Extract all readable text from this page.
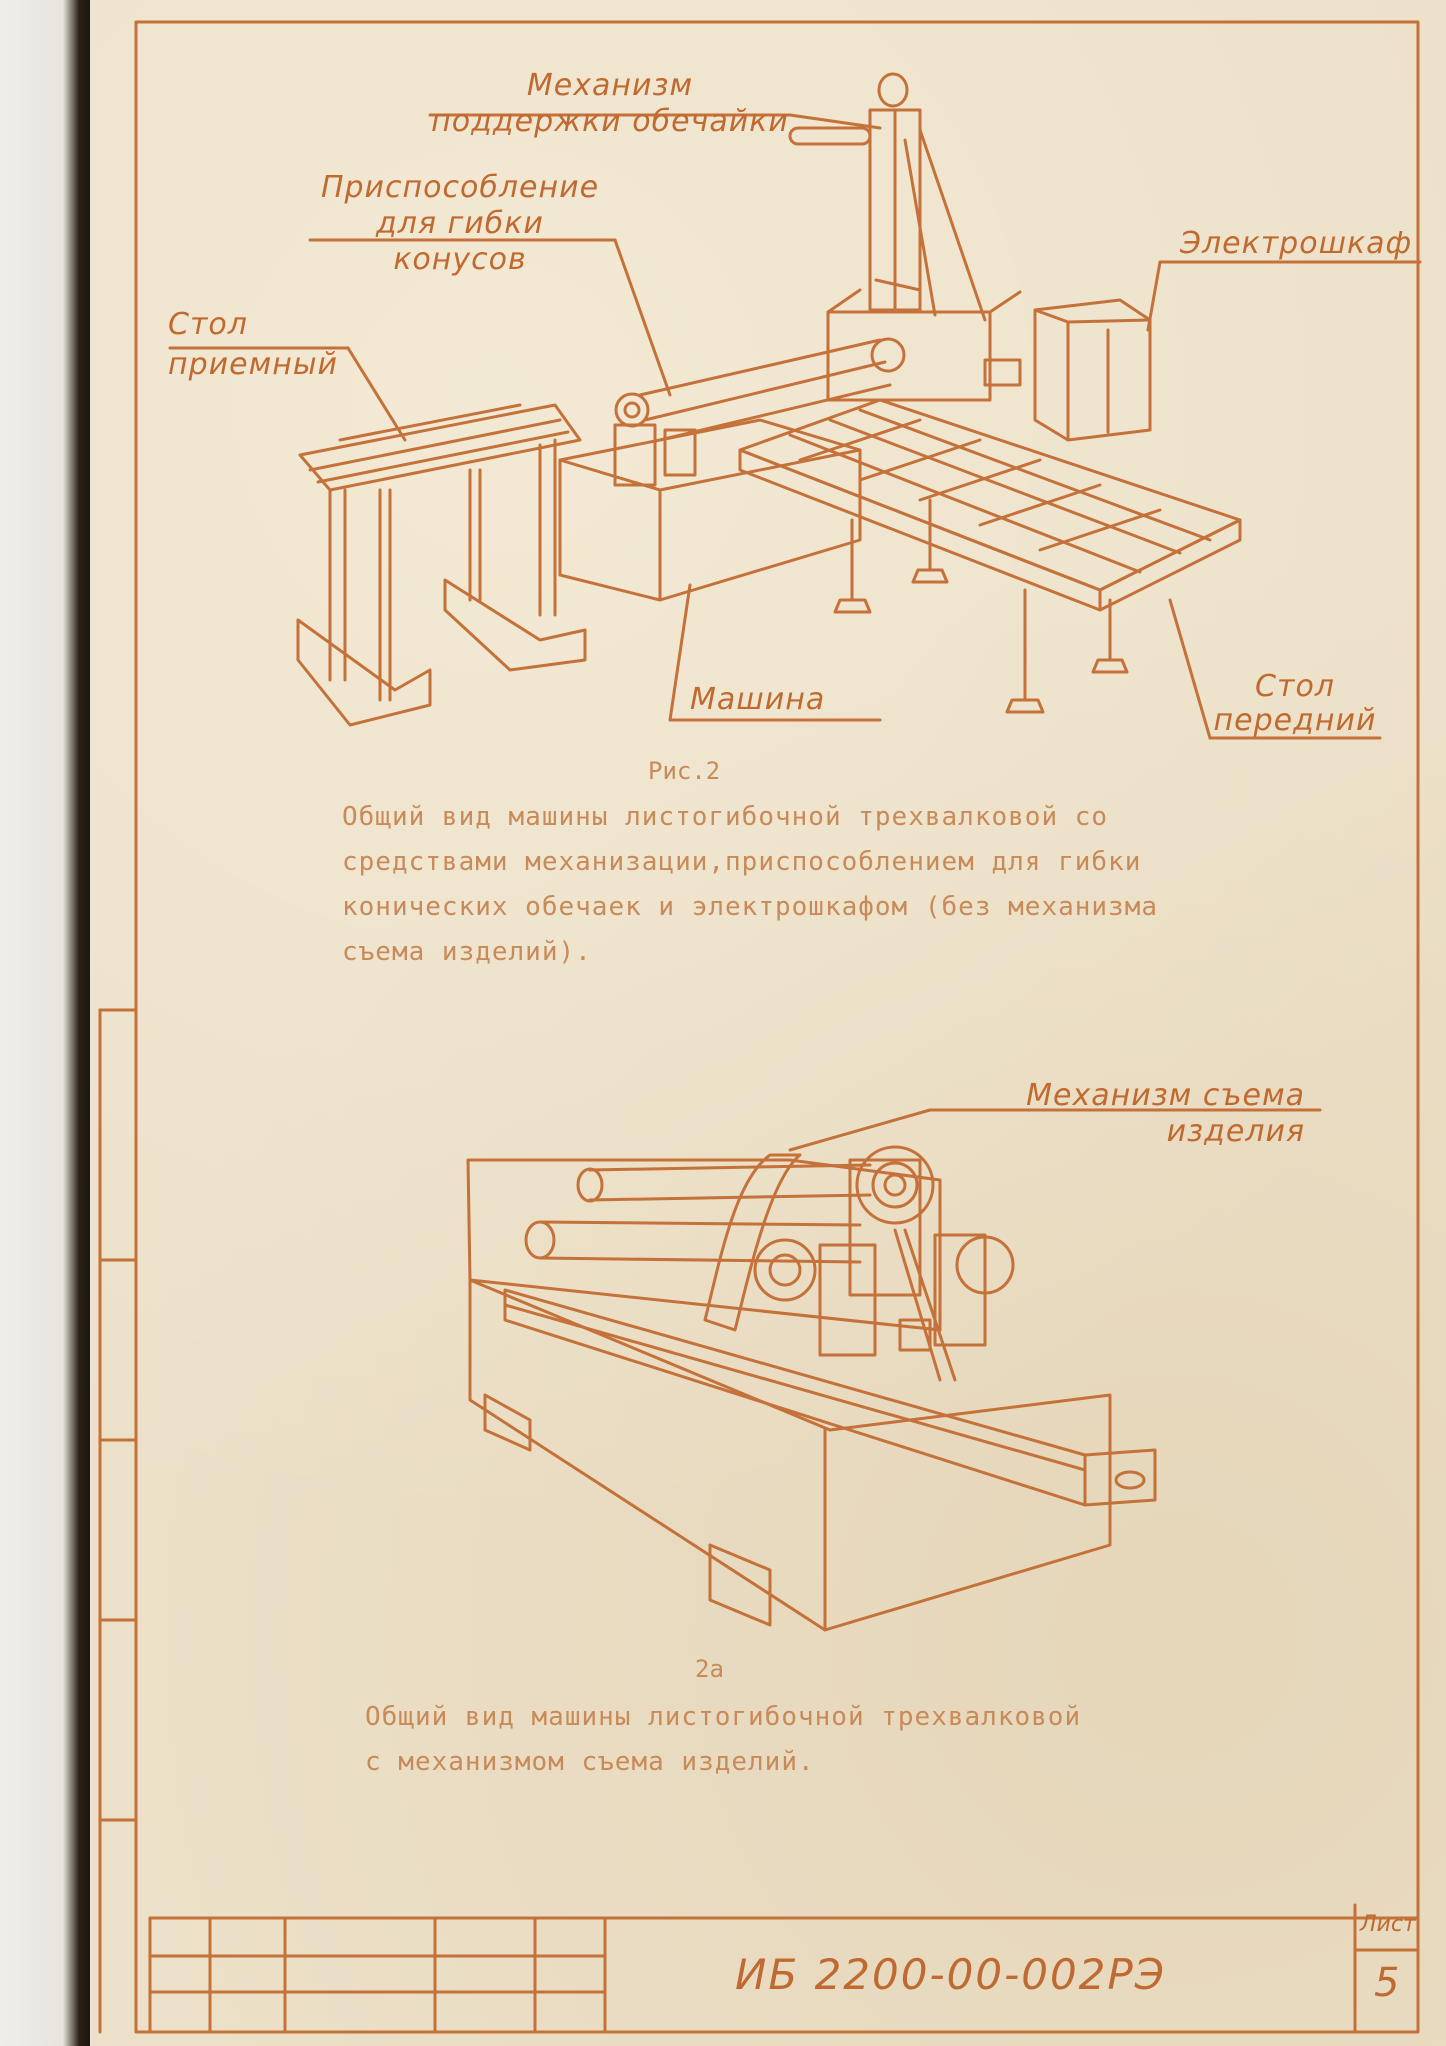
Механизм поддержки обечайки
Приспособление для гибки конусов
Стол приемный
Электрошкаф
Машина	Стол передний
Рис.2
Общий вид машины листогибочной трехвалковой со
средствами механизации,приспособлением для гибки
конических обечаек и электрошкафом (без механизма
съема изделий).
Механизм съема изделия
2а
Общий вид машины листогибочной трехвалковой
с механизмом съема изделий.
ИБ 2200-00-002РЭ
Лист
5
